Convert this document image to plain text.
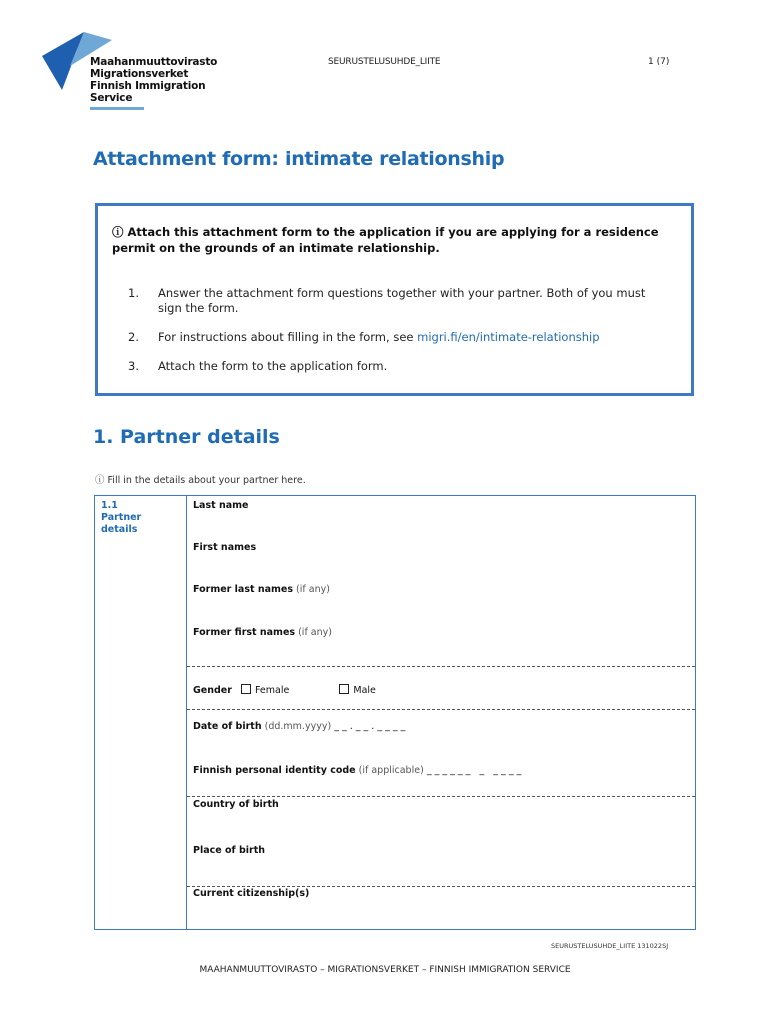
Maahanmuuttovirasto
Migrationsverket
Finnish Immigration Service
SEURUSTELUSUHDE_LIITE	1 (7)
Attachment form: intimate relationship
ⓘ Attach this attachment form to the application if you are applying for a residence permit on the grounds of an intimate relationship.
1. Answer the attachment form questions together with your partner. Both of you must sign the form.
2. For instructions about filling in the form, see migri.fi/en/intimate-relationship
3. Attach the form to the application form.
1. Partner details
ⓘ Fill in the details about your partner here.
1.1
Partner details
Last name
First names
Former last names (if any)
Former first names (if any)
Gender Female	Male
Date of birth (dd.mm.yyyy) _ _ . _ _ . _ _ _ _
Finnish personal identity code (if applicable) _ _ _ _ _ _   _   _ _ _ _
Country of birth
Place of birth
Current citizenship(s)
SEURUSTELUSUHDE_LIITE 131022SJ
MAAHANMUUTTOVIRASTO – MIGRATIONSVERKET – FINNISH IMMIGRATION SERVICE
